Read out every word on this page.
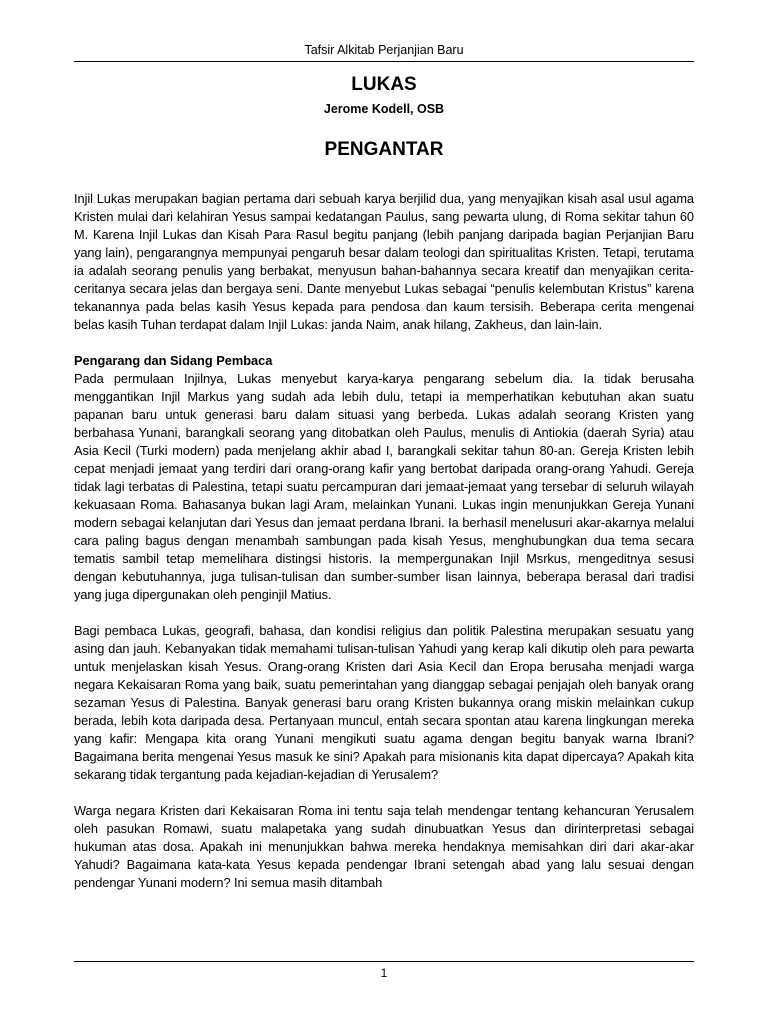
Tafsir Alkitab Perjanjian Baru
LUKAS
Jerome Kodell, OSB
PENGANTAR

Injil Lukas merupakan bagian pertama dari sebuah karya berjilid dua, yang menyajikan kisah asal usul agama Kristen mulai dari kelahiran Yesus sampai kedatangan Paulus, sang pewarta ulung, di Roma sekitar tahun 60 M. Karena Injil Lukas dan Kisah Para Rasul begitu panjang (lebih panjang daripada bagian Perjanjian Baru yang lain), pengarangnya mempunyai pengaruh besar dalam teologi dan spiritualitas Kristen. Tetapi, terutama ia adalah seorang penulis yang berbakat, menyusun bahan-bahannya secara kreatif dan menyajikan cerita-ceritanya secara jelas dan bergaya seni. Dante menyebut Lukas sebagai “penulis kelembutan Kristus” karena tekanannya pada belas kasih Yesus kepada para pendosa dan kaum tersisih. Beberapa cerita mengenai belas kasih Tuhan terdapat dalam Injil Lukas: janda Naim, anak hilang, Zakheus, dan lain-lain.

Pengarang dan Sidang Pembaca

Pada permulaan Injilnya, Lukas menyebut karya-karya pengarang sebelum dia. Ia tidak berusaha menggantikan Injil Markus yang sudah ada lebih dulu, tetapi ia memperhatikan kebutuhan akan suatu papanan baru untuk generasi baru dalam situasi yang berbeda. Lukas adalah seorang Kristen yang berbahasa Yunani, barangkali seorang yang ditobatkan oleh Paulus, menulis di Antiokia (daerah Syria) atau Asia Kecil (Turki modern) pada menjelang akhir abad I, barangkali sekitar tahun 80-an. Gereja Kristen lebih cepat menjadi jemaat yang terdiri dari orang-orang kafir yang bertobat daripada orang-orang Yahudi. Gereja tidak lagi terbatas di Palestina, tetapi suatu percampuran dari jemaat-jemaat yang tersebar di seluruh wilayah kekuasaan Roma. Bahasanya bukan lagi Aram, melainkan Yunani. Lukas ingin menunjukkan Gereja Yunani modern sebagai kelanjutan dari Yesus dan jemaat perdana Ibrani. Ia berhasil menelusuri akar-akarnya melalui cara paling bagus dengan menambah sambungan pada kisah Yesus, menghubungkan dua tema secara tematis sambil tetap memelihara distingsi historis. Ia mempergunakan Injil Msrkus, mengeditnya sesusi dengan kebutuhannya, juga tulisan-tulisan dan sumber-sumber lisan lainnya, beberapa berasal dari tradisi yang juga dipergunakan oleh penginjil Matius.

Bagi pembaca Lukas, geografi, bahasa, dan kondisi religius dan politik Palestina merupakan sesuatu yang asing dan jauh. Kebanyakan tidak memahami tulisan-tulisan Yahudi yang kerap kali dikutip oleh para pewarta untuk menjelaskan kisah Yesus. Orang-orang Kristen dari Asia Kecil dan Eropa berusaha menjadi warga negara Kekaisaran Roma yang baik, suatu pemerintahan yang dianggap sebagai penjajah oleh banyak orang sezaman Yesus di Palestina. Banyak generasi baru orang Kristen bukannya orang miskin melainkan cukup berada, lebih kota daripada desa. Pertanyaan muncul, entah secara spontan atau karena lingkungan mereka yang kafir: Mengapa kita orang Yunani mengikuti suatu agama dengan begitu banyak warna Ibrani? Bagaimana berita mengenai Yesus masuk ke sini? Apakah para misionanis kita dapat dipercaya? Apakah kita sekarang tidak tergantung pada kejadian-kejadian di Yerusalem?

Warga negara Kristen dari Kekaisaran Roma ini tentu saja telah mendengar tentang kehancuran Yerusalem oleh pasukan Romawi, suatu malapetaka yang sudah dinubuatkan Yesus dan dirinterpretasi sebagai hukuman atas dosa. Apakah ini menunjukkan bahwa mereka hendaknya memisahkan diri dari akar-akar Yahudi? Bagaimana kata-kata Yesus kepada pendengar Ibrani setengah abad yang lalu sesuai dengan pendengar Yunani modern? Ini semua masih ditambah

1
